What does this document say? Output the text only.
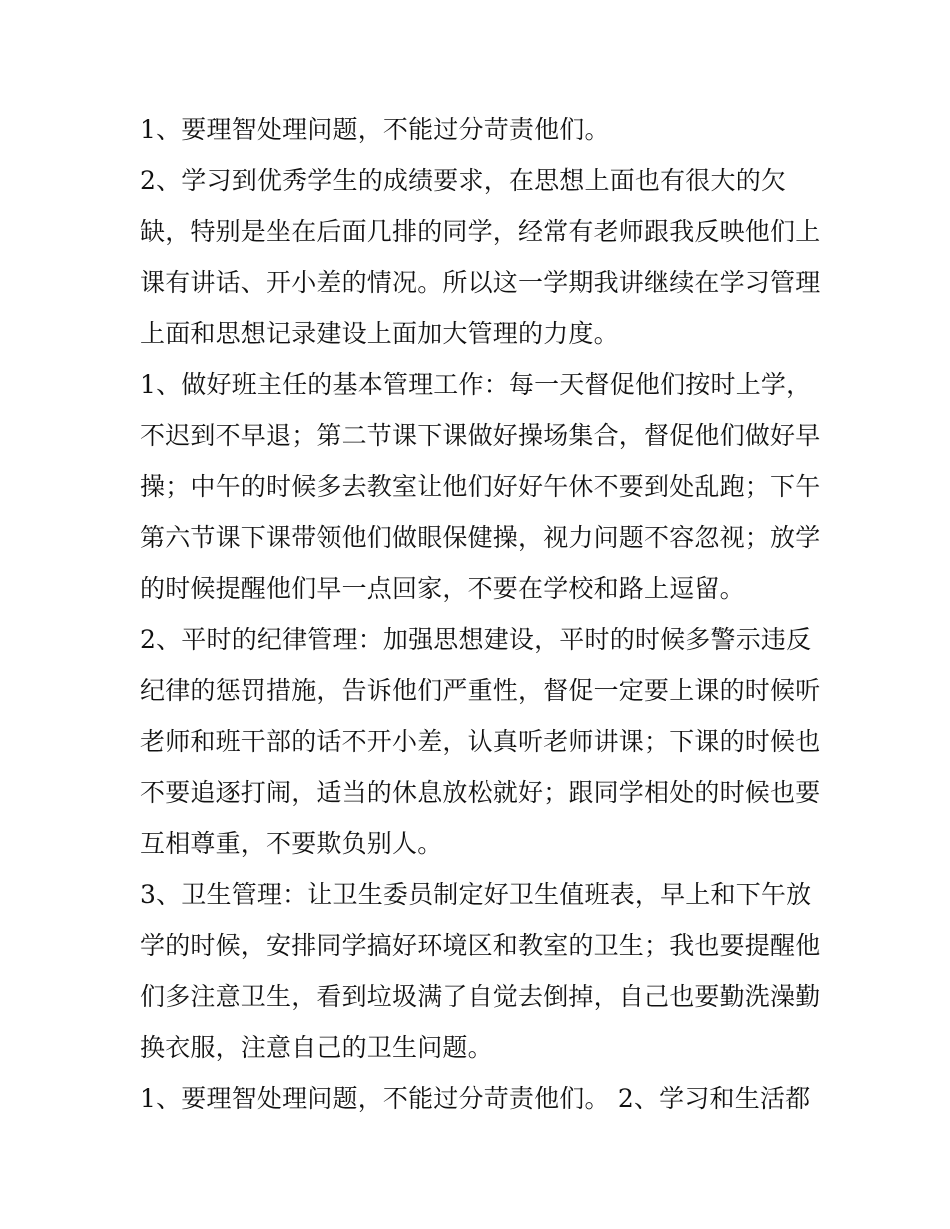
1、要理智处理问题，不能过分苛责他们。
2、学习到优秀学生的成绩要求，在思想上面也有很大的欠
缺，特别是坐在后面几排的同学，经常有老师跟我反映他们上
课有讲话、开小差的情况。所以这一学期我讲继续在学习管理
上面和思想记录建设上面加大管理的力度。
1、做好班主任的基本管理工作：每一天督促他们按时上学，
不迟到不早退；第二节课下课做好操场集合，督促他们做好早
操；中午的时候多去教室让他们好好午休不要到处乱跑；下午
第六节课下课带领他们做眼保健操，视力问题不容忽视；放学
的时候提醒他们早一点回家，不要在学校和路上逗留。
2、平时的纪律管理：加强思想建设，平时的时候多警示违反
纪律的惩罚措施，告诉他们严重性，督促一定要上课的时候听
老师和班干部的话不开小差，认真听老师讲课；下课的时候也
不要追逐打闹，适当的休息放松就好；跟同学相处的时候也要
互相尊重，不要欺负别人。
3、卫生管理：让卫生委员制定好卫生值班表，早上和下午放
学的时候，安排同学搞好环境区和教室的卫生；我也要提醒他
们多注意卫生，看到垃圾满了自觉去倒掉，自己也要勤洗澡勤
换衣服，注意自己的卫生问题。
1、要理智处理问题，不能过分苛责他们。 2、学习和生活都
